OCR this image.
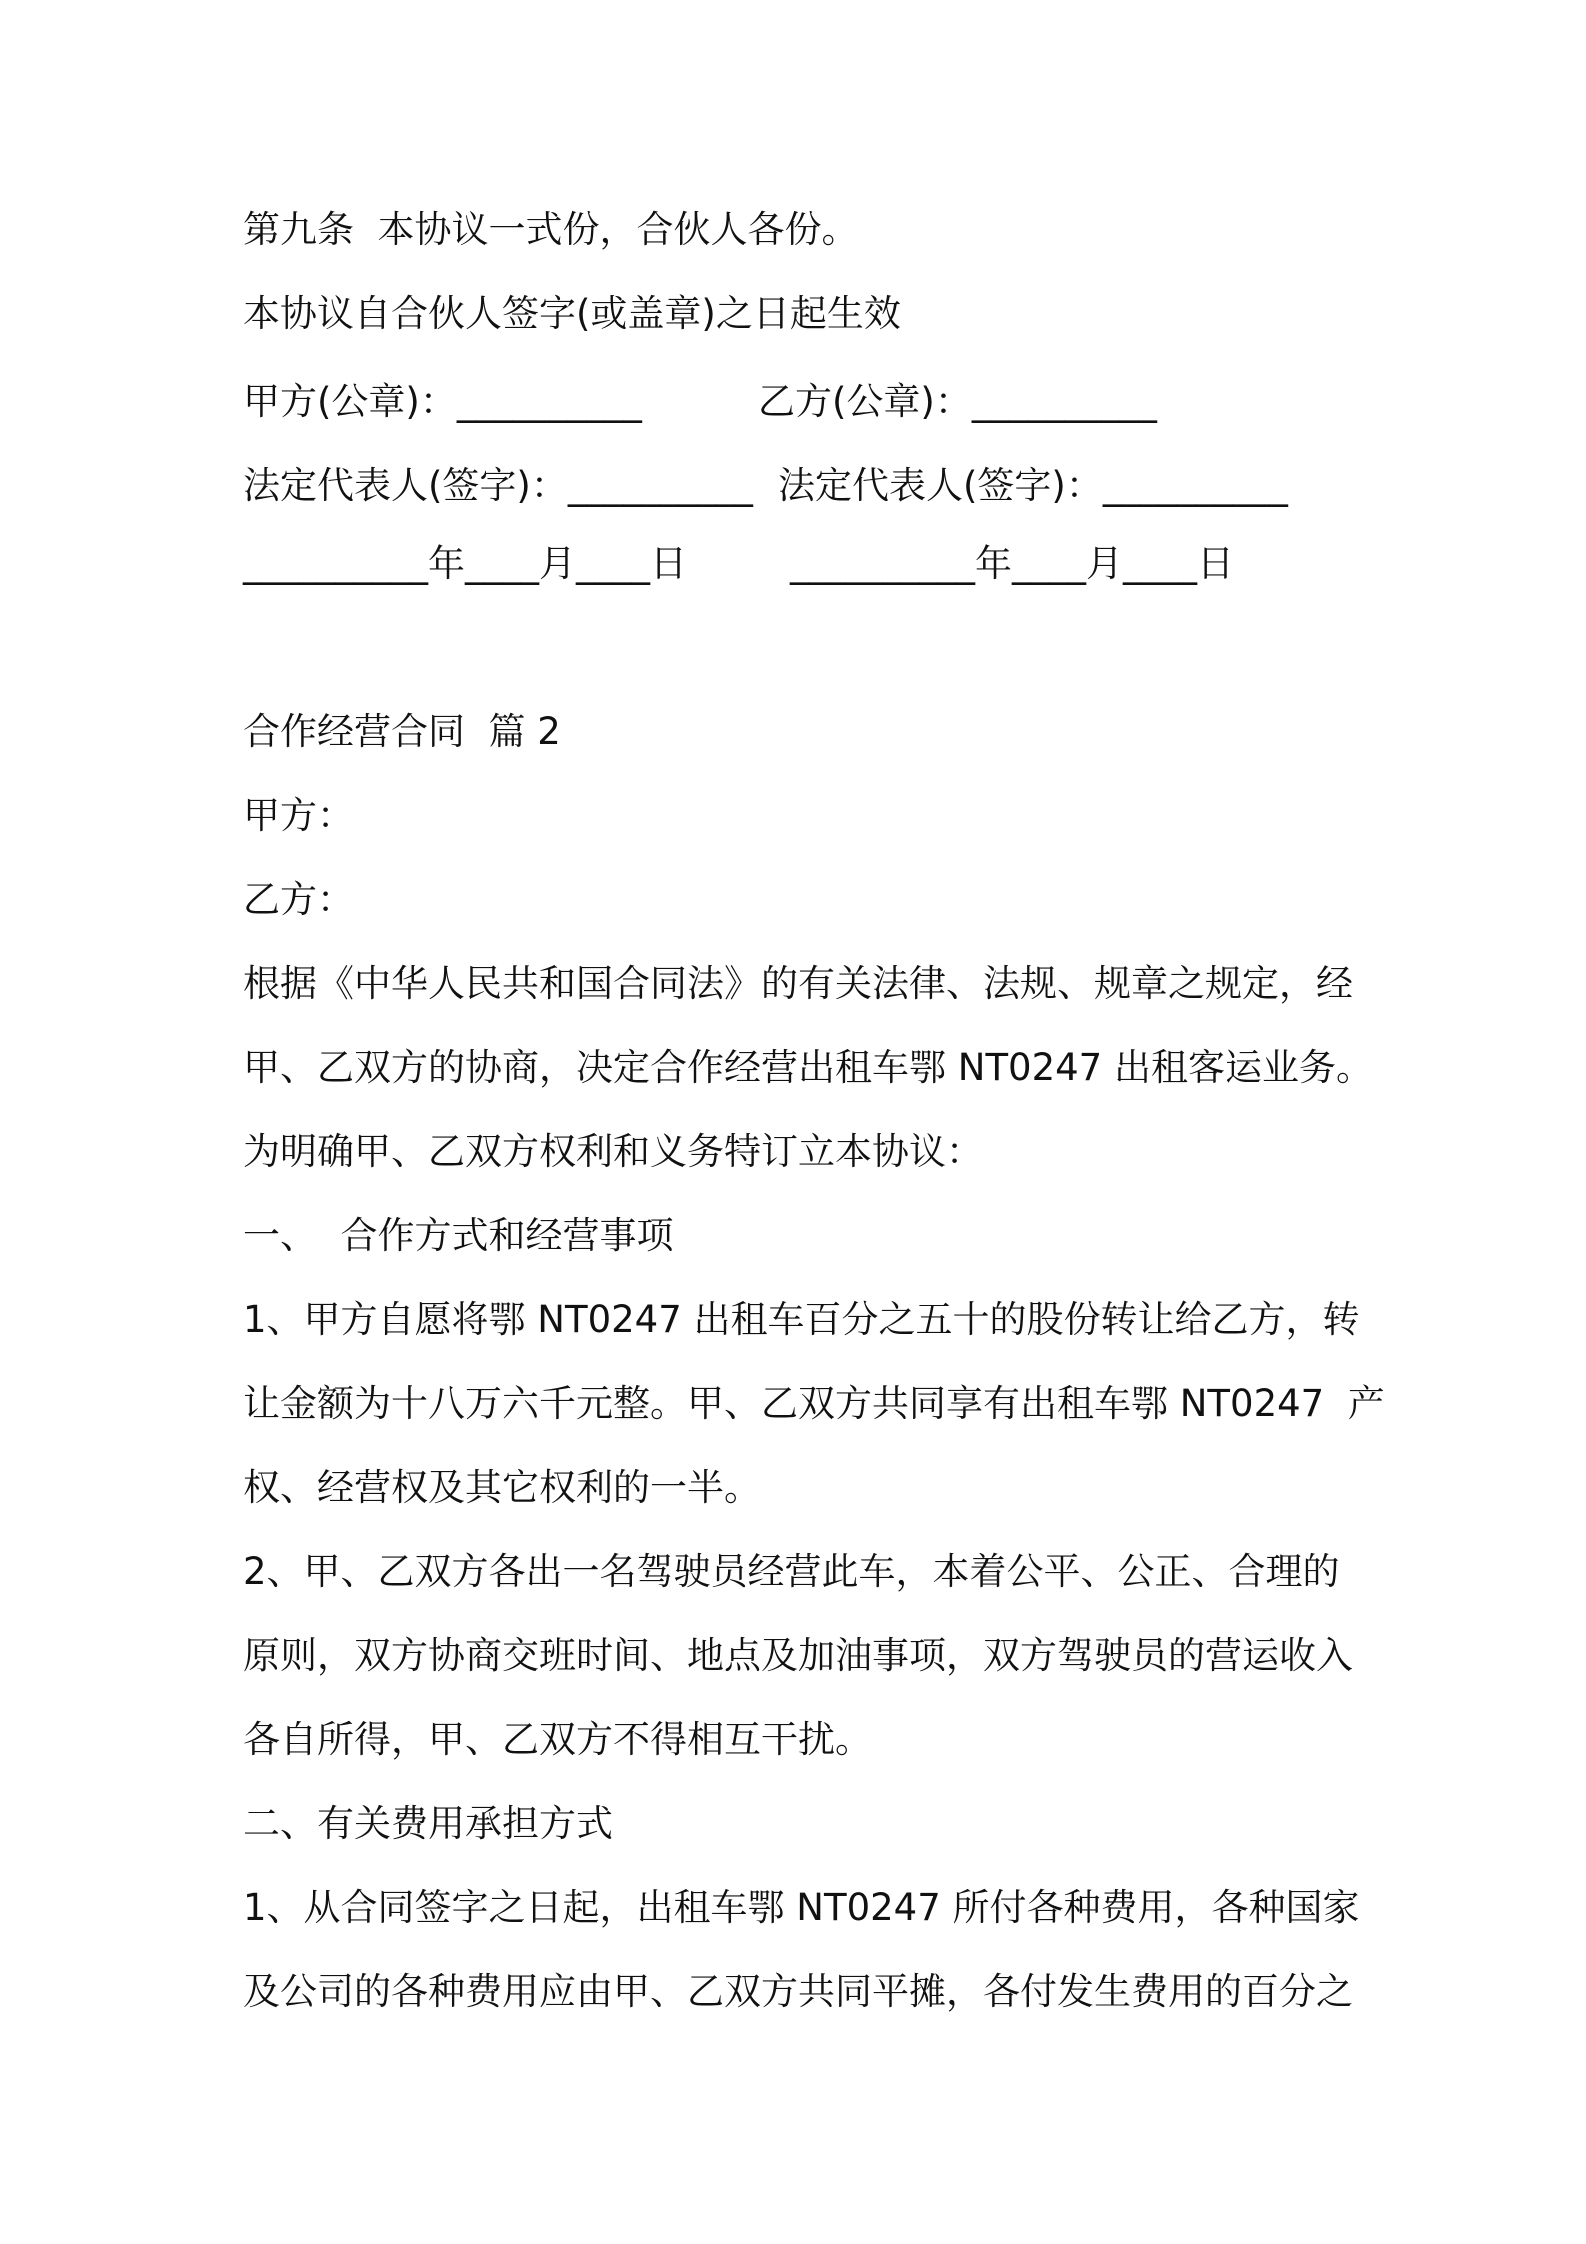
第九条  本协议一式份，合伙人各份。
本协议自合伙人签字(或盖章)之日起生效
甲方(公章)：__________	乙方(公章)：__________
法定代表人(签字)：__________ 法定代表人(签字)：__________
__________年____月____日	__________年____月____日
合作经营合同  篇 2
甲方：
乙方：
根据《中华人民共和国合同法》的有关法律、法规、规章之规定，经
甲、乙双方的协商，决定合作经营出租车鄂 NT0247 出租客运业务。
为明确甲、乙双方权利和义务特订立本协议：
一、  合作方式和经营事项
1、甲方自愿将鄂 NT0247 出租车百分之五十的股份转让给乙方，转
让金额为十八万六千元整。甲、乙双方共同享有出租车鄂 NT0247  产
权、经营权及其它权利的一半。
2、甲、乙双方各出一名驾驶员经营此车，本着公平、公正、合理的
原则，双方协商交班时间、地点及加油事项，双方驾驶员的营运收入
各自所得，甲、乙双方不得相互干扰。
二、有关费用承担方式
1、从合同签字之日起，出租车鄂 NT0247 所付各种费用，各种国家
及公司的各种费用应由甲、乙双方共同平摊，各付发生费用的百分之
